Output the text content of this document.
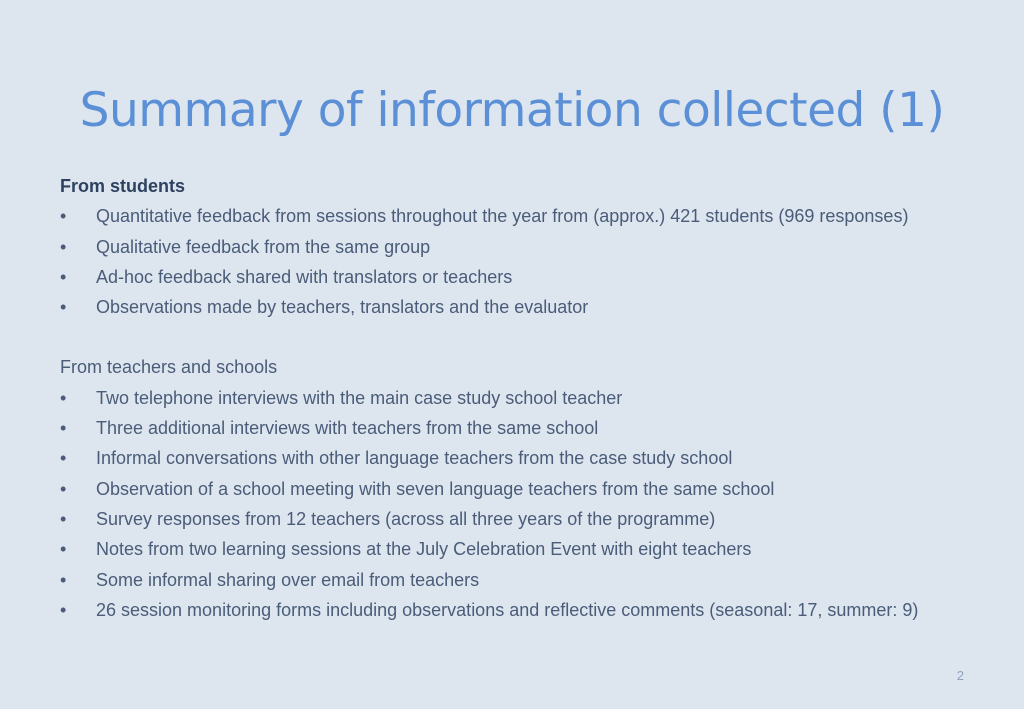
Summary of information collected (1)

From students

• Quantitative feedback from sessions throughout the year from (approx.) 421 students (969 responses)
• Qualitative feedback from the same group
• Ad-hoc feedback shared with translators or teachers
• Observations made by teachers, translators and the evaluator

From teachers and schools

• Two telephone interviews with the main case study school teacher
• Three additional interviews with teachers from the same school
• Informal conversations with other language teachers from the case study school
• Observation of a school meeting with seven language teachers from the same school
• Survey responses from 12 teachers (across all three years of the programme)
• Notes from two learning sessions at the July Celebration Event with eight teachers
• Some informal sharing over email from teachers
• 26 session monitoring forms including observations and reflective comments (seasonal: 17, summer: 9)
2
